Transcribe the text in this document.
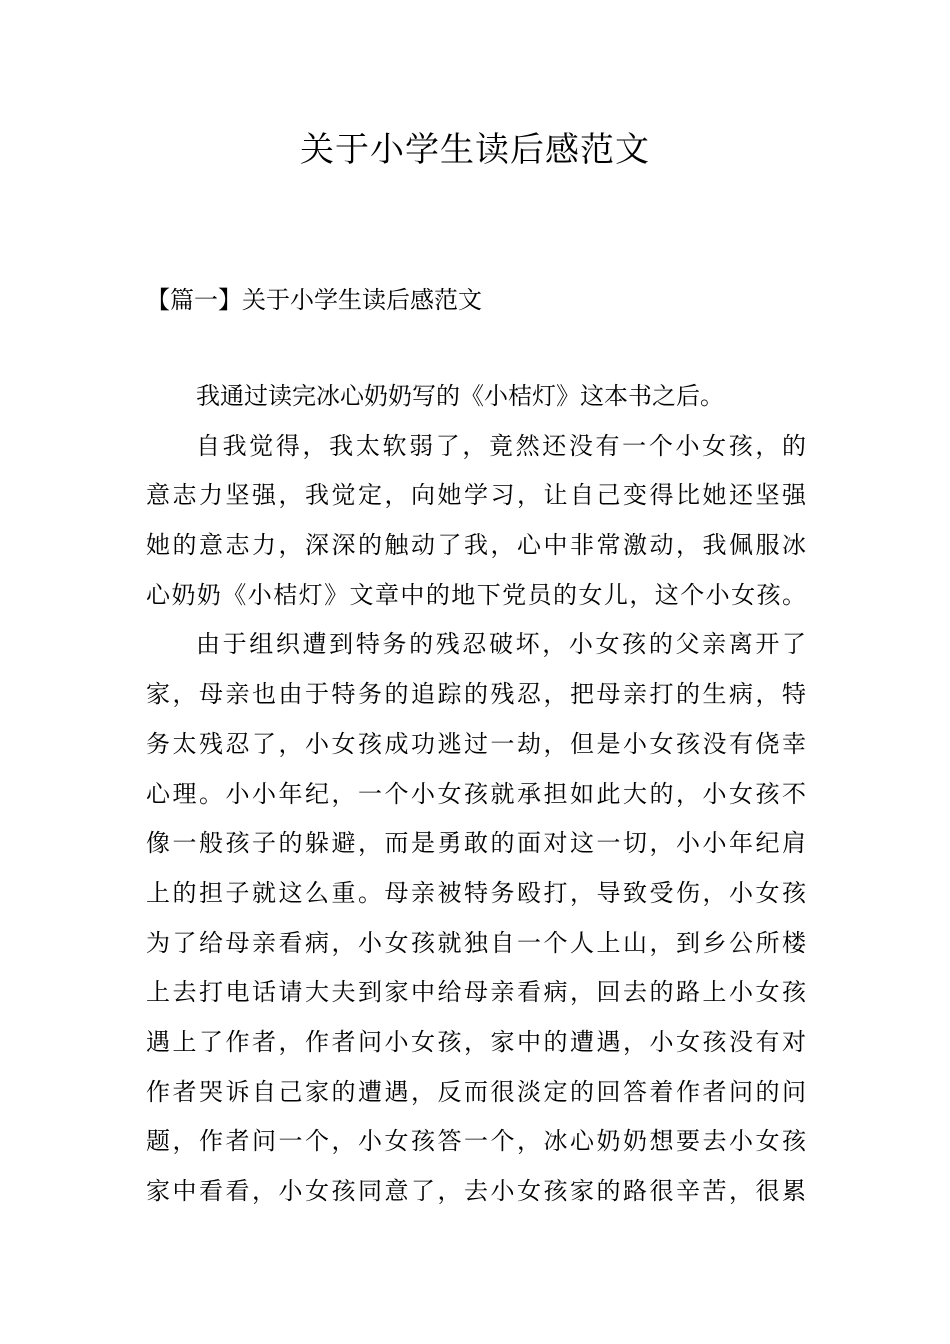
关于小学生读后感范文
【篇一】关于小学生读后感范文
我通过读完冰心奶奶写的《小桔灯》这本书之后。
自我觉得，我太软弱了，竟然还没有一个小女孩，的
意志力坚强，我觉定，向她学习，让自己变得比她还坚强
她的意志力，深深的触动了我，心中非常激动，我佩服冰
心奶奶《小桔灯》文章中的地下党员的女儿，这个小女孩。
由于组织遭到特务的残忍破坏，小女孩的父亲离开了
家，母亲也由于特务的追踪的残忍，把母亲打的生病，特
务太残忍了，小女孩成功逃过一劫，但是小女孩没有侥幸
心理。小小年纪，一个小女孩就承担如此大的，小女孩不
像一般孩子的躲避，而是勇敢的面对这一切，小小年纪肩
上的担子就这么重。母亲被特务殴打，导致受伤，小女孩
为了给母亲看病，小女孩就独自一个人上山，到乡公所楼
上去打电话请大夫到家中给母亲看病，回去的路上小女孩
遇上了作者，作者问小女孩，家中的遭遇，小女孩没有对
作者哭诉自己家的遭遇，反而很淡定的回答着作者问的问
题，作者问一个，小女孩答一个，冰心奶奶想要去小女孩
家中看看，小女孩同意了，去小女孩家的路很辛苦，很累
